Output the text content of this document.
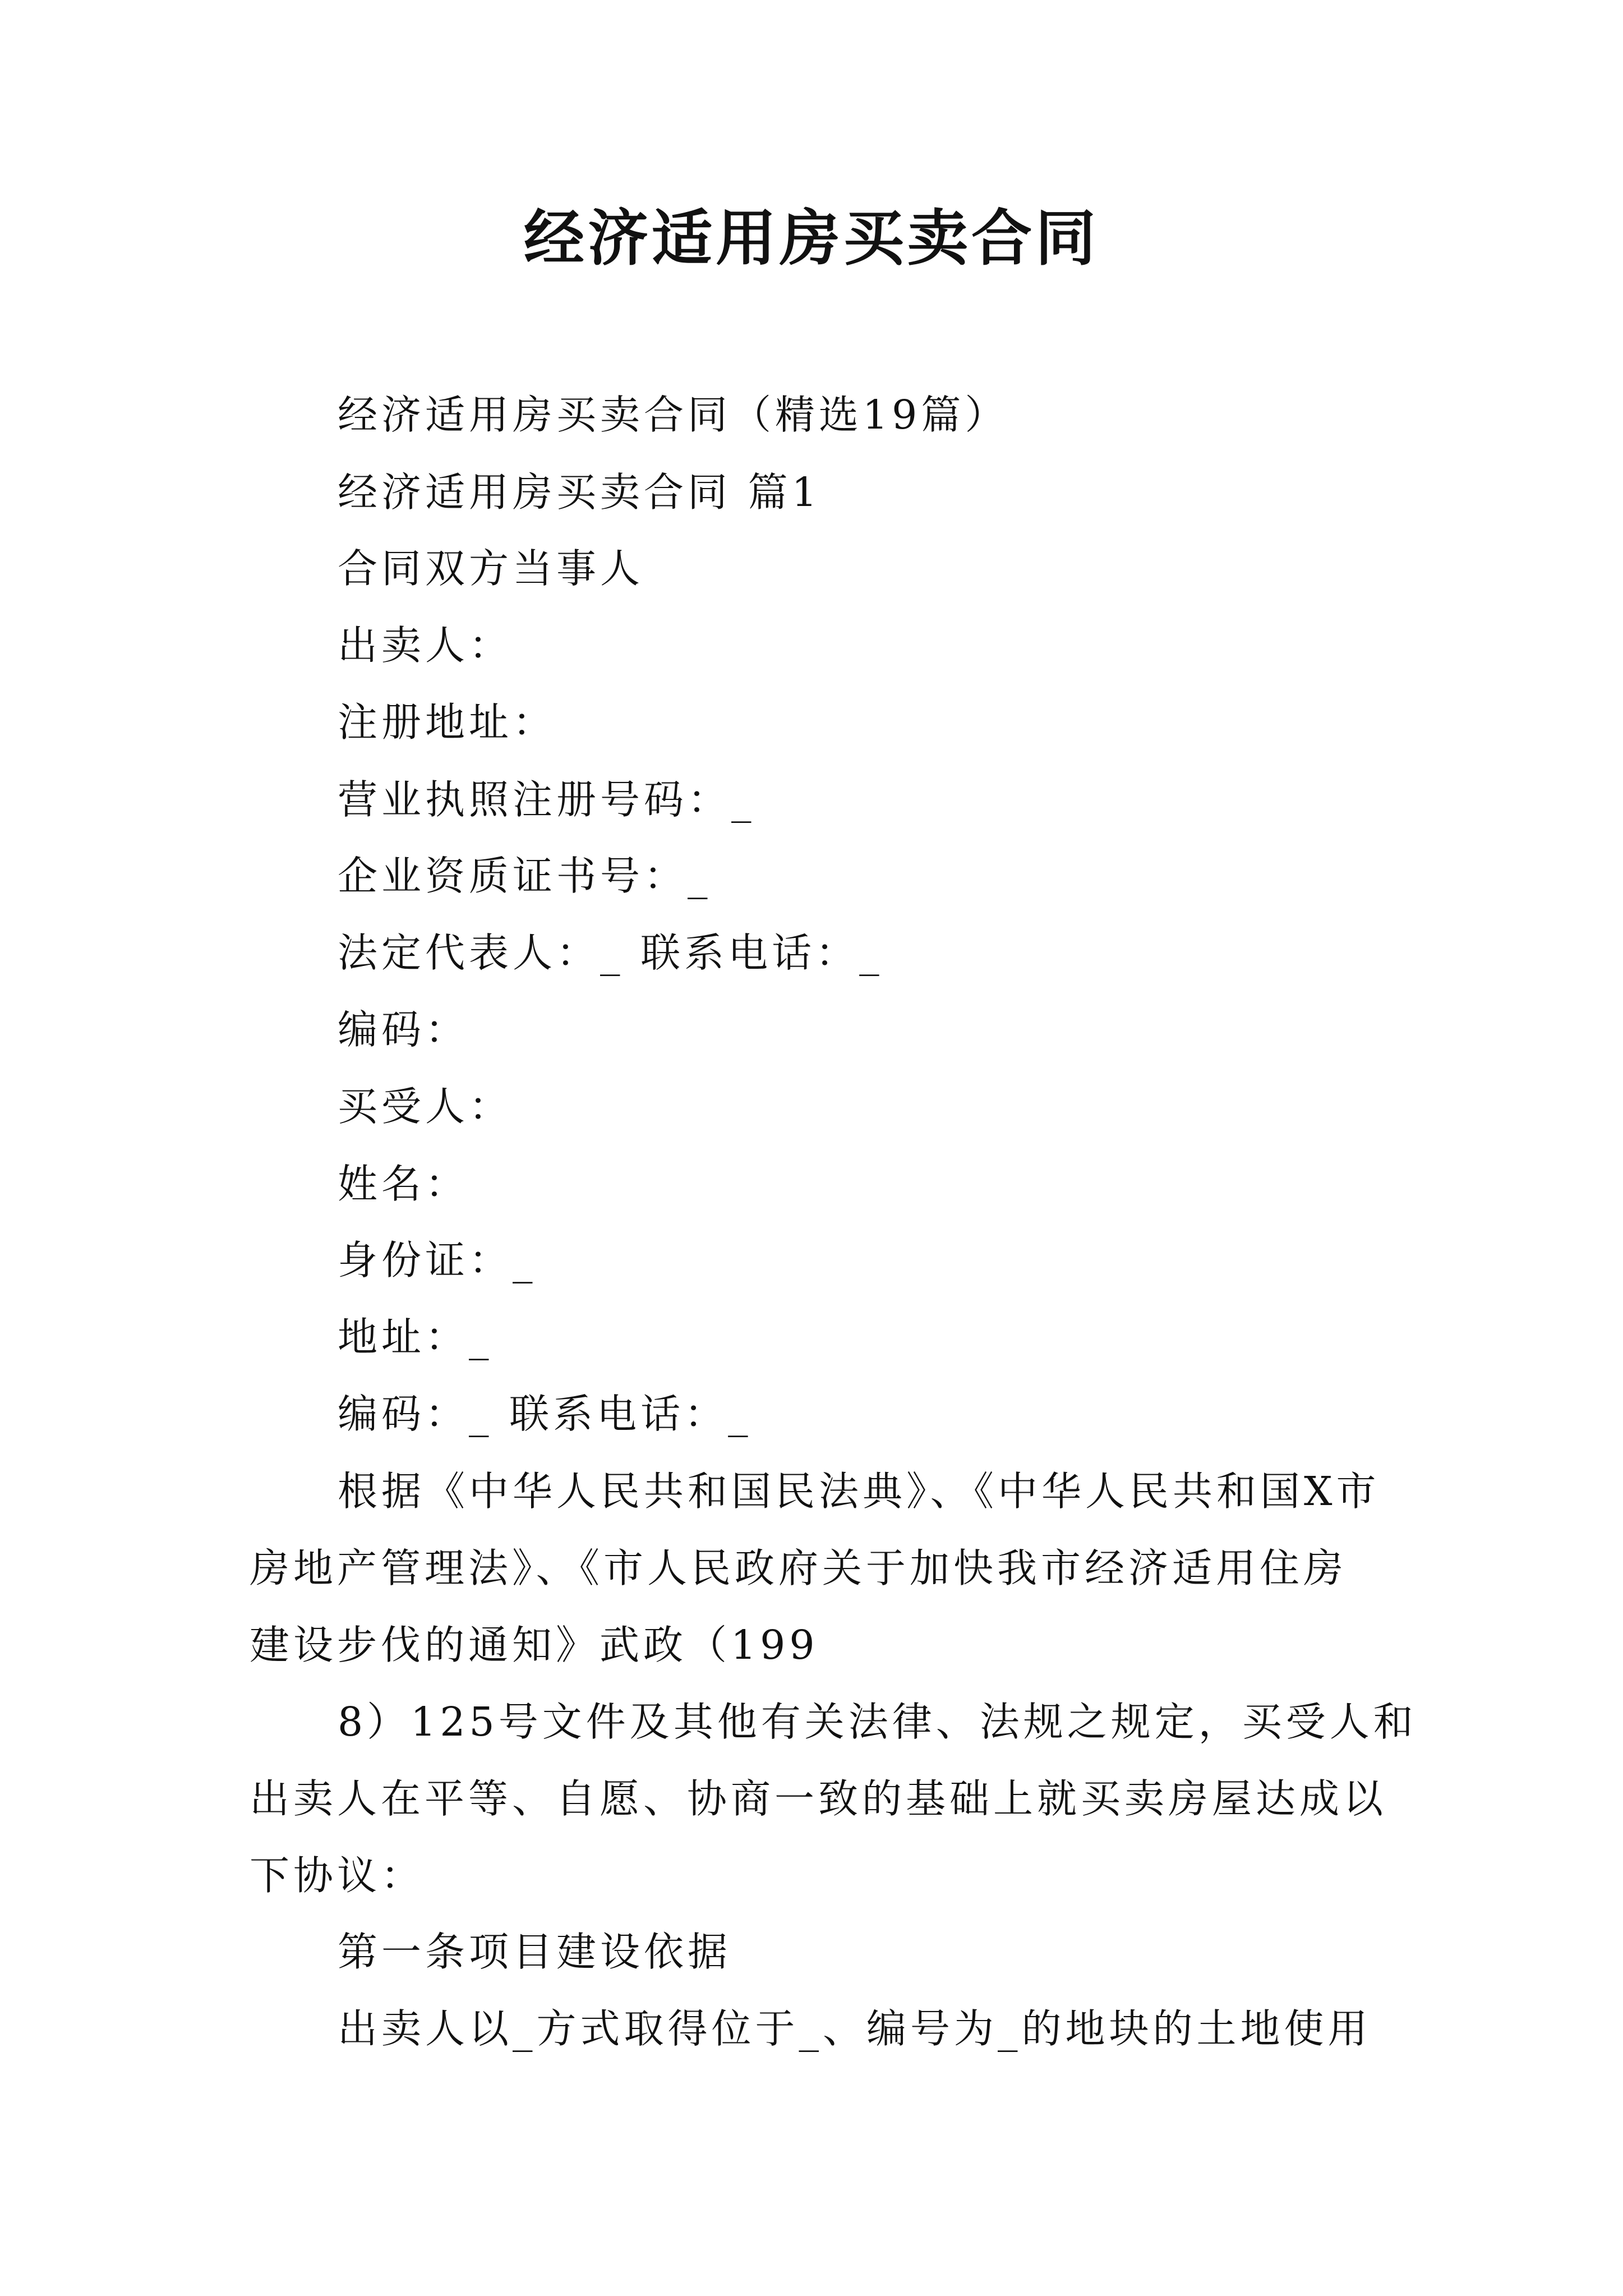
经济适用房买卖合同

经济适用房买卖合同（精选19篇）

经济适用房买卖合同 篇1

合同双方当事人

出卖人：

注册地址：

营业执照注册号码：_

企业资质证书号：_

法定代表人：_ 联系电话：_

编码：

买受人：

姓名：

身份证：_

地址：_

编码：_ 联系电话：_

根据《中华人民共和国民法典》、《中华人民共和国X市
房地产管理法》、《市人民政府关于加快我市经济适用住房
建设步伐的通知》武政（199
8）125号文件及其他有关法律、法规之规定，买受人和
出卖人在平等、自愿、协商一致的基础上就买卖房屋达成以
下协议：

第一条项目建设依据

出卖人以_方式取得位于_、编号为_的地块的土地使用
